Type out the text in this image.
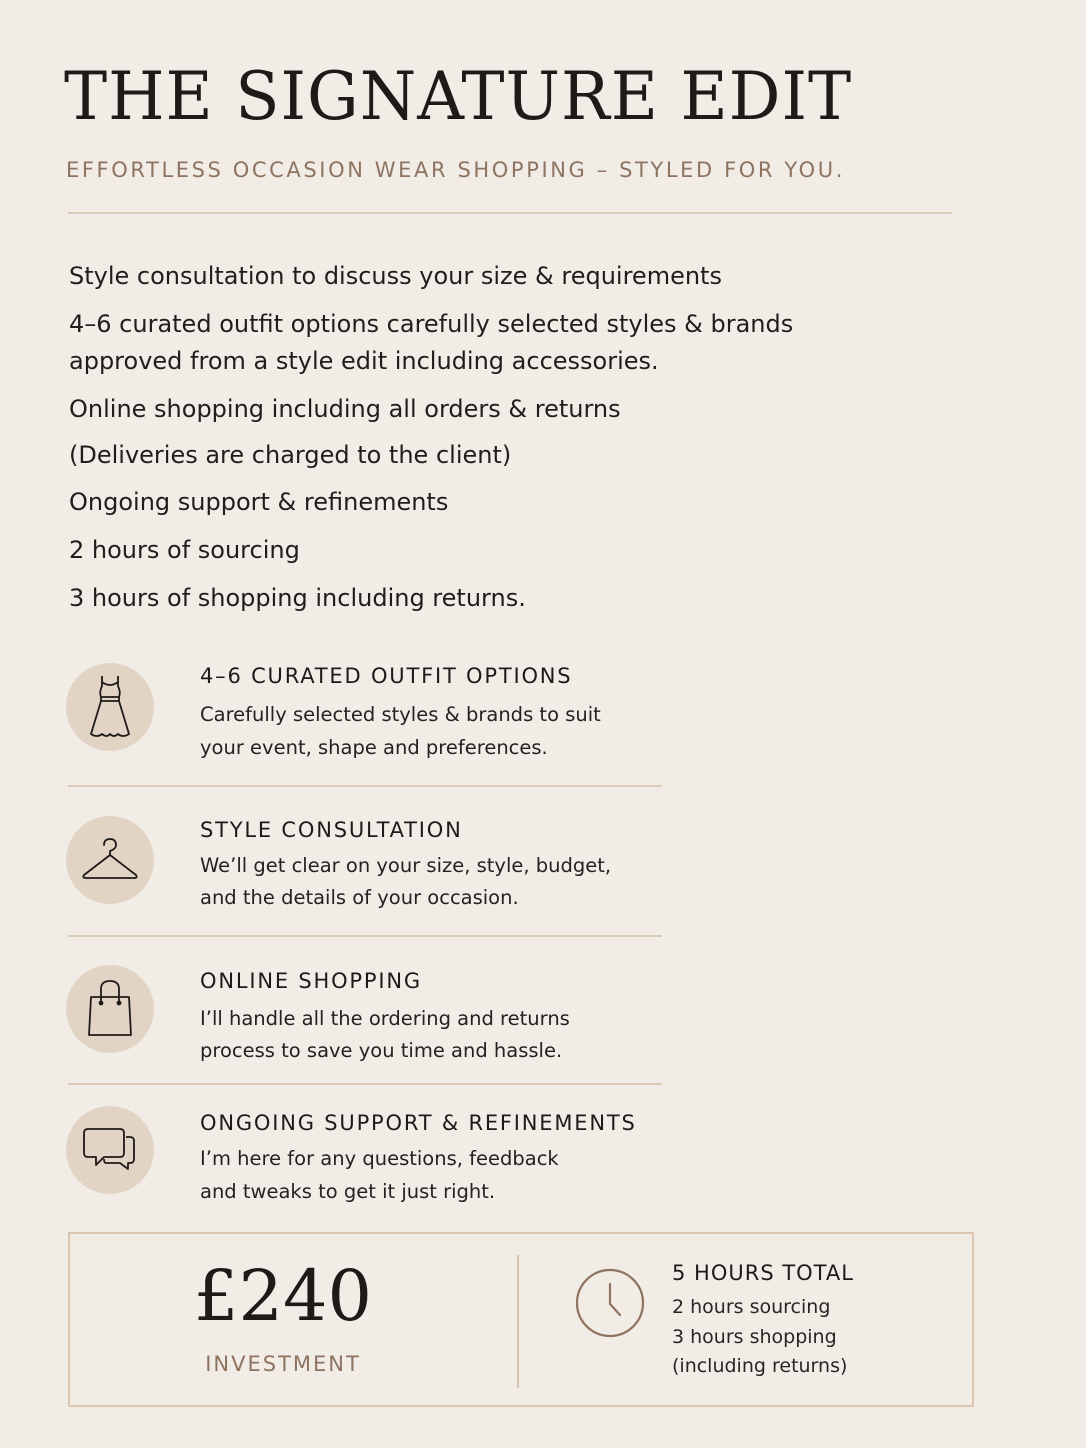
THE SIGNATURE EDIT
EFFORTLESS OCCASION WEAR SHOPPING – STYLED FOR YOU.
Style consultation to discuss your size & requirements
4–6 curated outfit options carefully selected styles & brands
approved from a style edit including accessories.
Online shopping including all orders & returns
(Deliveries are charged to the client)
Ongoing support & refinements
2 hours of sourcing
3 hours of shopping including returns.
4–6 CURATED OUTFIT OPTIONS
Carefully selected styles & brands to suit
your event, shape and preferences.
STYLE CONSULTATION
We’ll get clear on your size, style, budget,
and the details of your occasion.
ONLINE SHOPPING
I’ll handle all the ordering and returns
process to save you time and hassle.
ONGOING SUPPORT & REFINEMENTS
I’m here for any questions, feedback
and tweaks to get it just right.
£240
INVESTMENT
5 HOURS TOTAL
2 hours sourcing
3 hours shopping
(including returns)
